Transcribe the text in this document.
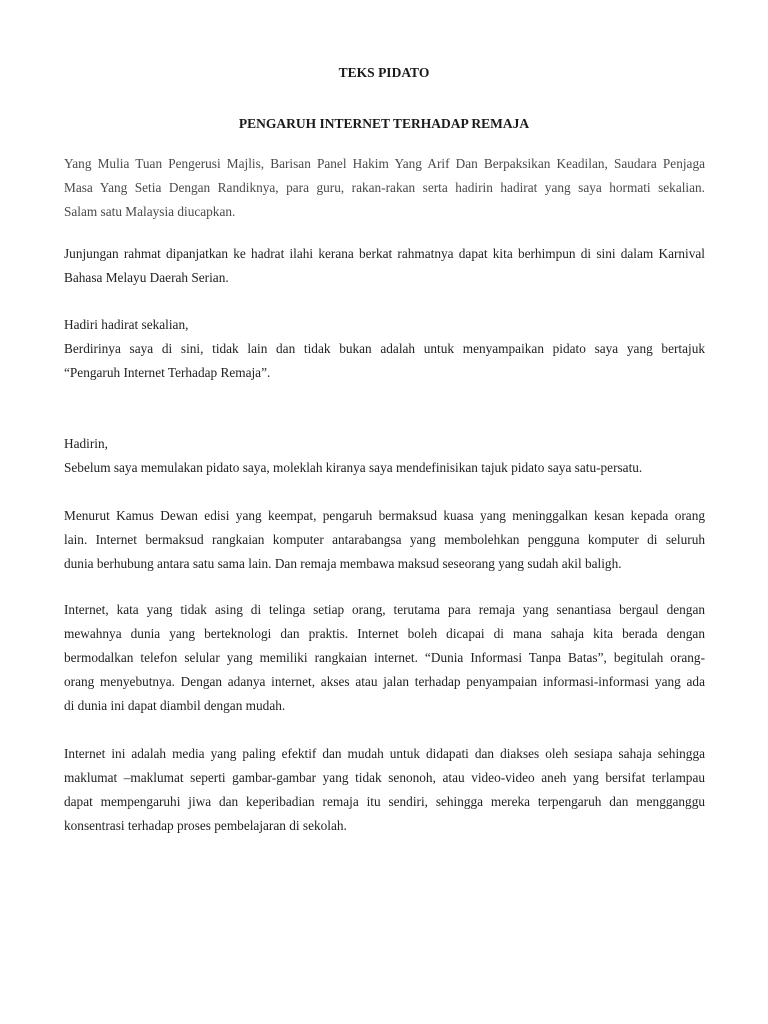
TEKS PIDATO
PENGARUH INTERNET TERHADAP REMAJA

Yang Mulia Tuan Pengerusi Majlis, Barisan Panel Hakim Yang Arif Dan Berpaksikan Keadilan, Saudara Penjaga
Masa Yang Setia Dengan Randiknya, para guru, rakan-rakan serta hadirin hadirat yang saya hormati sekalian.
Salam satu Malaysia diucapkan.

Junjungan rahmat dipanjatkan ke hadrat ilahi kerana berkat rahmatnya dapat kita berhimpun di sini dalam Karnival
Bahasa Melayu Daerah Serian.

Hadiri hadirat sekalian,
Berdirinya saya di sini, tidak lain dan tidak bukan adalah untuk menyampaikan pidato saya yang bertajuk
“Pengaruh Internet Terhadap Remaja”.

Hadirin,
Sebelum saya memulakan pidato saya, moleklah kiranya saya mendefinisikan tajuk pidato saya satu-persatu.

Menurut Kamus Dewan edisi yang keempat, pengaruh bermaksud kuasa yang meninggalkan kesan kepada orang
lain. Internet bermaksud rangkaian komputer antarabangsa yang membolehkan pengguna komputer di seluruh
dunia berhubung antara satu sama lain. Dan remaja membawa maksud seseorang yang sudah akil baligh.

Internet, kata yang tidak asing di telinga setiap orang, terutama para remaja yang senantiasa bergaul dengan
mewahnya dunia yang berteknologi dan praktis. Internet boleh dicapai di mana sahaja kita berada dengan
bermodalkan telefon selular yang memiliki rangkaian internet. “Dunia Informasi Tanpa Batas”, begitulah orang-
orang menyebutnya. Dengan adanya internet, akses atau jalan terhadap penyampaian informasi-informasi yang ada
di dunia ini dapat diambil dengan mudah.

Internet ini adalah media yang paling efektif dan mudah untuk didapati dan diakses oleh sesiapa sahaja sehingga
maklumat –maklumat seperti gambar-gambar yang tidak senonoh, atau video-video aneh yang bersifat terlampau
dapat mempengaruhi jiwa dan keperibadian remaja itu sendiri, sehingga mereka terpengaruh dan mengganggu
konsentrasi terhadap proses pembelajaran di sekolah.
